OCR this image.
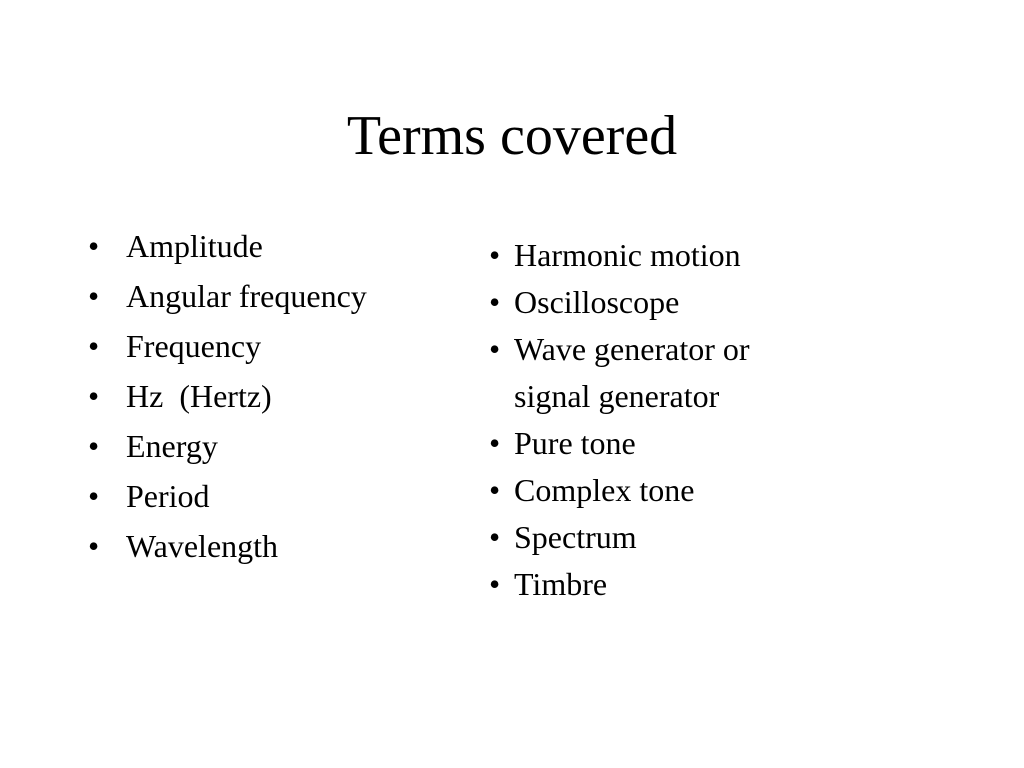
Terms covered
• Amplitude
• Angular frequency
• Frequency
• Hz  (Hertz)
• Energy
• Period
• Wavelength
• Harmonic motion
• Oscilloscope
• Wave generator or
signal generator
• Pure tone
• Complex tone
• Spectrum
• Timbre
